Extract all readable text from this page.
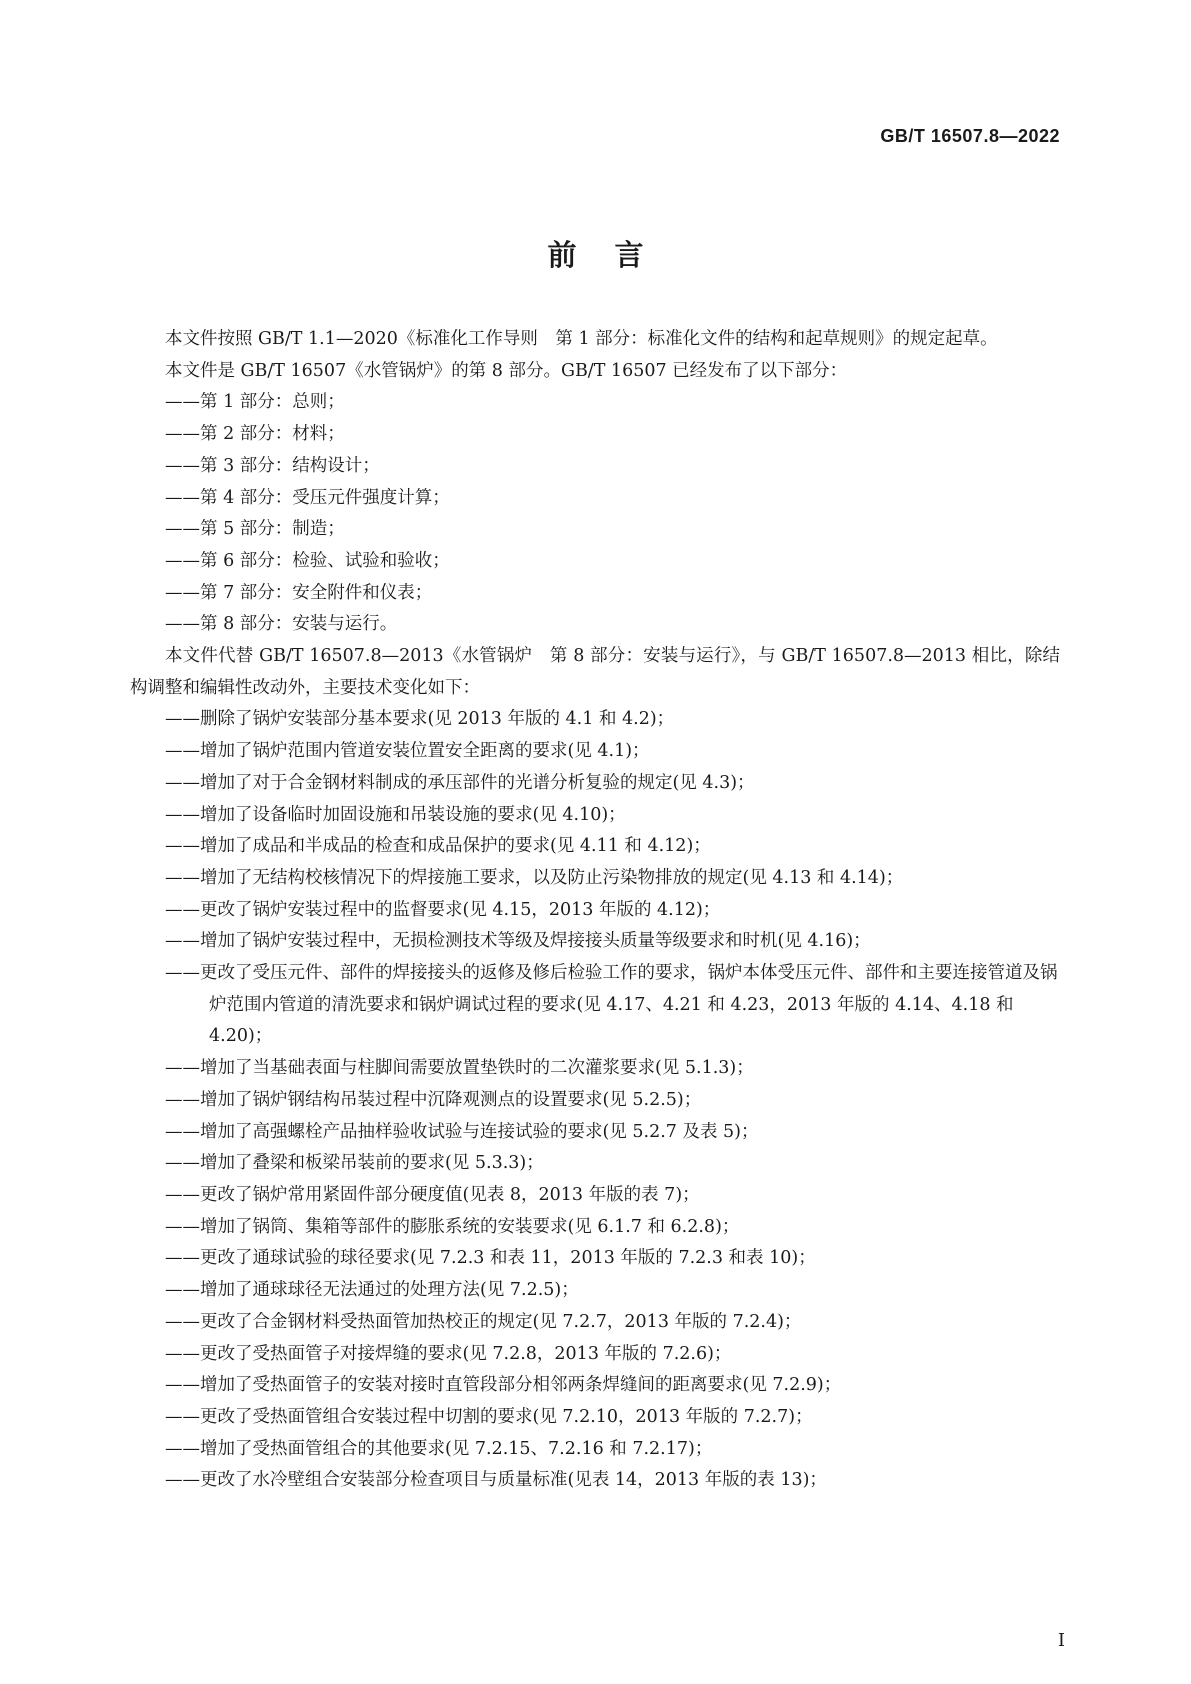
GB/T 16507.8—2022
前言

本文件按照 GB/T 1.1—2020《标准化工作导则　第 1 部分：标准化文件的结构和起草规则》的规定起草。

本文件是 GB/T 16507《水管锅炉》的第 8 部分。GB/T 16507 已经发布了以下部分：

——第 1 部分：总则；
——第 2 部分：材料；
——第 3 部分：结构设计；
——第 4 部分：受压元件强度计算；
——第 5 部分：制造；
——第 6 部分：检验、试验和验收；
——第 7 部分：安全附件和仪表；
——第 8 部分：安装与运行。

本文件代替 GB/T 16507.8—2013《水管锅炉　第 8 部分：安装与运行》，与 GB/T 16507.8—2013 相比，除结构调整和编辑性改动外，主要技术变化如下：

——删除了锅炉安装部分基本要求(见 2013 年版的 4.1 和 4.2)；
——增加了锅炉范围内管道安装位置安全距离的要求(见 4.1)；
——增加了对于合金钢材料制成的承压部件的光谱分析复验的规定(见 4.3)；
——增加了设备临时加固设施和吊装设施的要求(见 4.10)；
——增加了成品和半成品的检查和成品保护的要求(见 4.11 和 4.12)；
——增加了无结构校核情况下的焊接施工要求，以及防止污染物排放的规定(见 4.13 和 4.14)；
——更改了锅炉安装过程中的监督要求(见 4.15，2013 年版的 4.12)；
——增加了锅炉安装过程中，无损检测技术等级及焊接接头质量等级要求和时机(见 4.16)；
——更改了受压元件、部件的焊接接头的返修及修后检验工作的要求，锅炉本体受压元件、部件和主要连接管道及锅炉范围内管道的清洗要求和锅炉调试过程的要求(见 4.17、4.21 和 4.23，2013 年版的 4.14、4.18 和 4.20)；
——增加了当基础表面与柱脚间需要放置垫铁时的二次灌浆要求(见 5.1.3)；
——增加了锅炉钢结构吊装过程中沉降观测点的设置要求(见 5.2.5)；
——增加了高强螺栓产品抽样验收试验与连接试验的要求(见 5.2.7 及表 5)；
——增加了叠梁和板梁吊装前的要求(见 5.3.3)；
——更改了锅炉常用紧固件部分硬度值(见表 8，2013 年版的表 7)；
——增加了锅筒、集箱等部件的膨胀系统的安装要求(见 6.1.7 和 6.2.8)；
——更改了通球试验的球径要求(见 7.2.3 和表 11，2013 年版的 7.2.3 和表 10)；
——增加了通球球径无法通过的处理方法(见 7.2.5)；
——更改了合金钢材料受热面管加热校正的规定(见 7.2.7，2013 年版的 7.2.4)；
——更改了受热面管子对接焊缝的要求(见 7.2.8，2013 年版的 7.2.6)；
——增加了受热面管子的安装对接时直管段部分相邻两条焊缝间的距离要求(见 7.2.9)；
——更改了受热面管组合安装过程中切割的要求(见 7.2.10，2013 年版的 7.2.7)；
——增加了受热面管组合的其他要求(见 7.2.15、7.2.16 和 7.2.17)；
——更改了水冷壁组合安装部分检查项目与质量标准(见表 14，2013 年版的表 13)；
I
